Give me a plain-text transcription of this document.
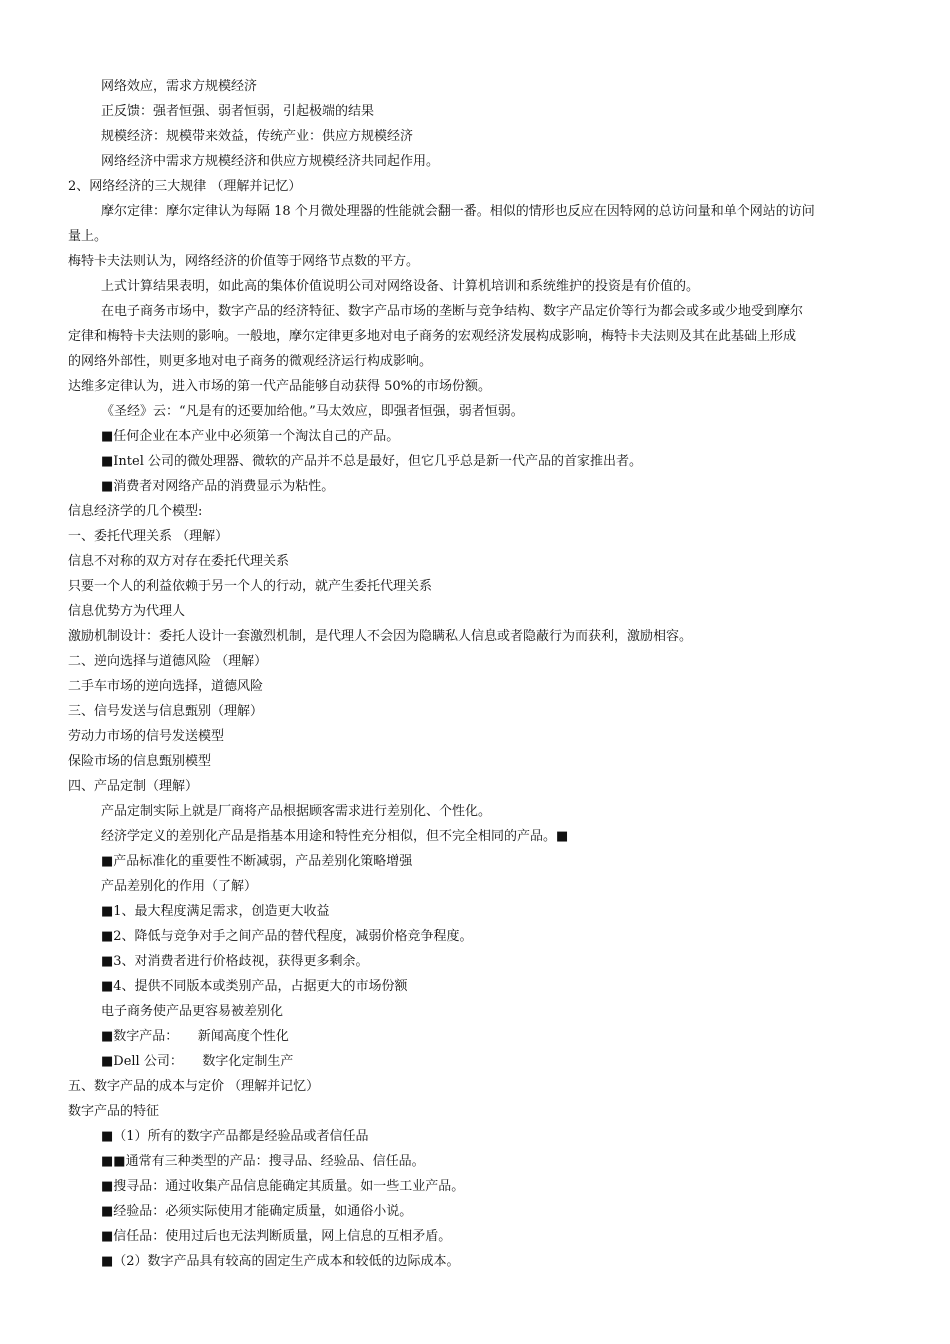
网络效应，需求方规模经济
正反馈：强者恒强、弱者恒弱，引起极端的结果
规模经济：规模带来效益，传统产业：供应方规模经济
网络经济中需求方规模经济和供应方规模经济共同起作用。
2、网络经济的三大规律 （理解并记忆）
摩尔定律：摩尔定律认为每隔 18 个月微处理器的性能就会翻一番。相似的情形也反应在因特网的总访问量和单个网站的访问
量上。
梅特卡夫法则认为，网络经济的价值等于网络节点数的平方。
上式计算结果表明，如此高的集体价值说明公司对网络设备、计算机培训和系统维护的投资是有价值的。
在电子商务市场中，数字产品的经济特征、数字产品市场的垄断与竞争结构、数字产品定价等行为都会或多或少地受到摩尔
定律和梅特卡夫法则的影响。一般地，摩尔定律更多地对电子商务的宏观经济发展构成影响，梅特卡夫法则及其在此基础上形成
的网络外部性，则更多地对电子商务的微观经济运行构成影响。
达维多定律认为，进入市场的第一代产品能够自动获得 50%的市场份额。
《圣经》云：“凡是有的还要加给他。”马太效应，即强者恒强，弱者恒弱。
■任何企业在本产业中必须第一个淘汰自己的产品。
■Intel 公司的微处理器、微软的产品并不总是最好，但它几乎总是新一代产品的首家推出者。
■消费者对网络产品的消费显示为粘性。
信息经济学的几个模型:
一、委托代理关系 （理解）
信息不对称的双方对存在委托代理关系
只要一个人的利益依赖于另一个人的行动，就产生委托代理关系
信息优势方为代理人
激励机制设计：委托人设计一套激烈机制，是代理人不会因为隐瞒私人信息或者隐蔽行为而获利，激励相容。
二、逆向选择与道德风险 （理解）
二手车市场的逆向选择，道德风险
三、信号发送与信息甄别（理解）
劳动力市场的信号发送模型
保险市场的信息甄别模型
四、产品定制（理解）
产品定制实际上就是厂商将产品根据顾客需求进行差别化、个性化。
经济学定义的差别化产品是指基本用途和特性充分相似，但不完全相同的产品。■
■产品标准化的重要性不断减弱，产品差别化策略增强
产品差别化的作用（了解）
■1、最大程度满足需求，创造更大收益
■2、降低与竞争对手之间产品的替代程度，减弱价格竞争程度。
■3、对消费者进行价格歧视，获得更多剩余。
■4、提供不同版本或类别产品，占据更大的市场份额
电子商务使产品更容易被差别化
■数字产品：　　新闻高度个性化
■Dell 公司：　　数字化定制生产
五、数字产品的成本与定价 （理解并记忆）
数字产品的特征
■（1）所有的数字产品都是经验品或者信任品
■■通常有三种类型的产品：搜寻品、经验品、信任品。
■搜寻品：通过收集产品信息能确定其质量。如一些工业产品。
■经验品：必须实际使用才能确定质量，如通俗小说。
■信任品：使用过后也无法判断质量，网上信息的互相矛盾。
■（2）数字产品具有较高的固定生产成本和较低的边际成本。
